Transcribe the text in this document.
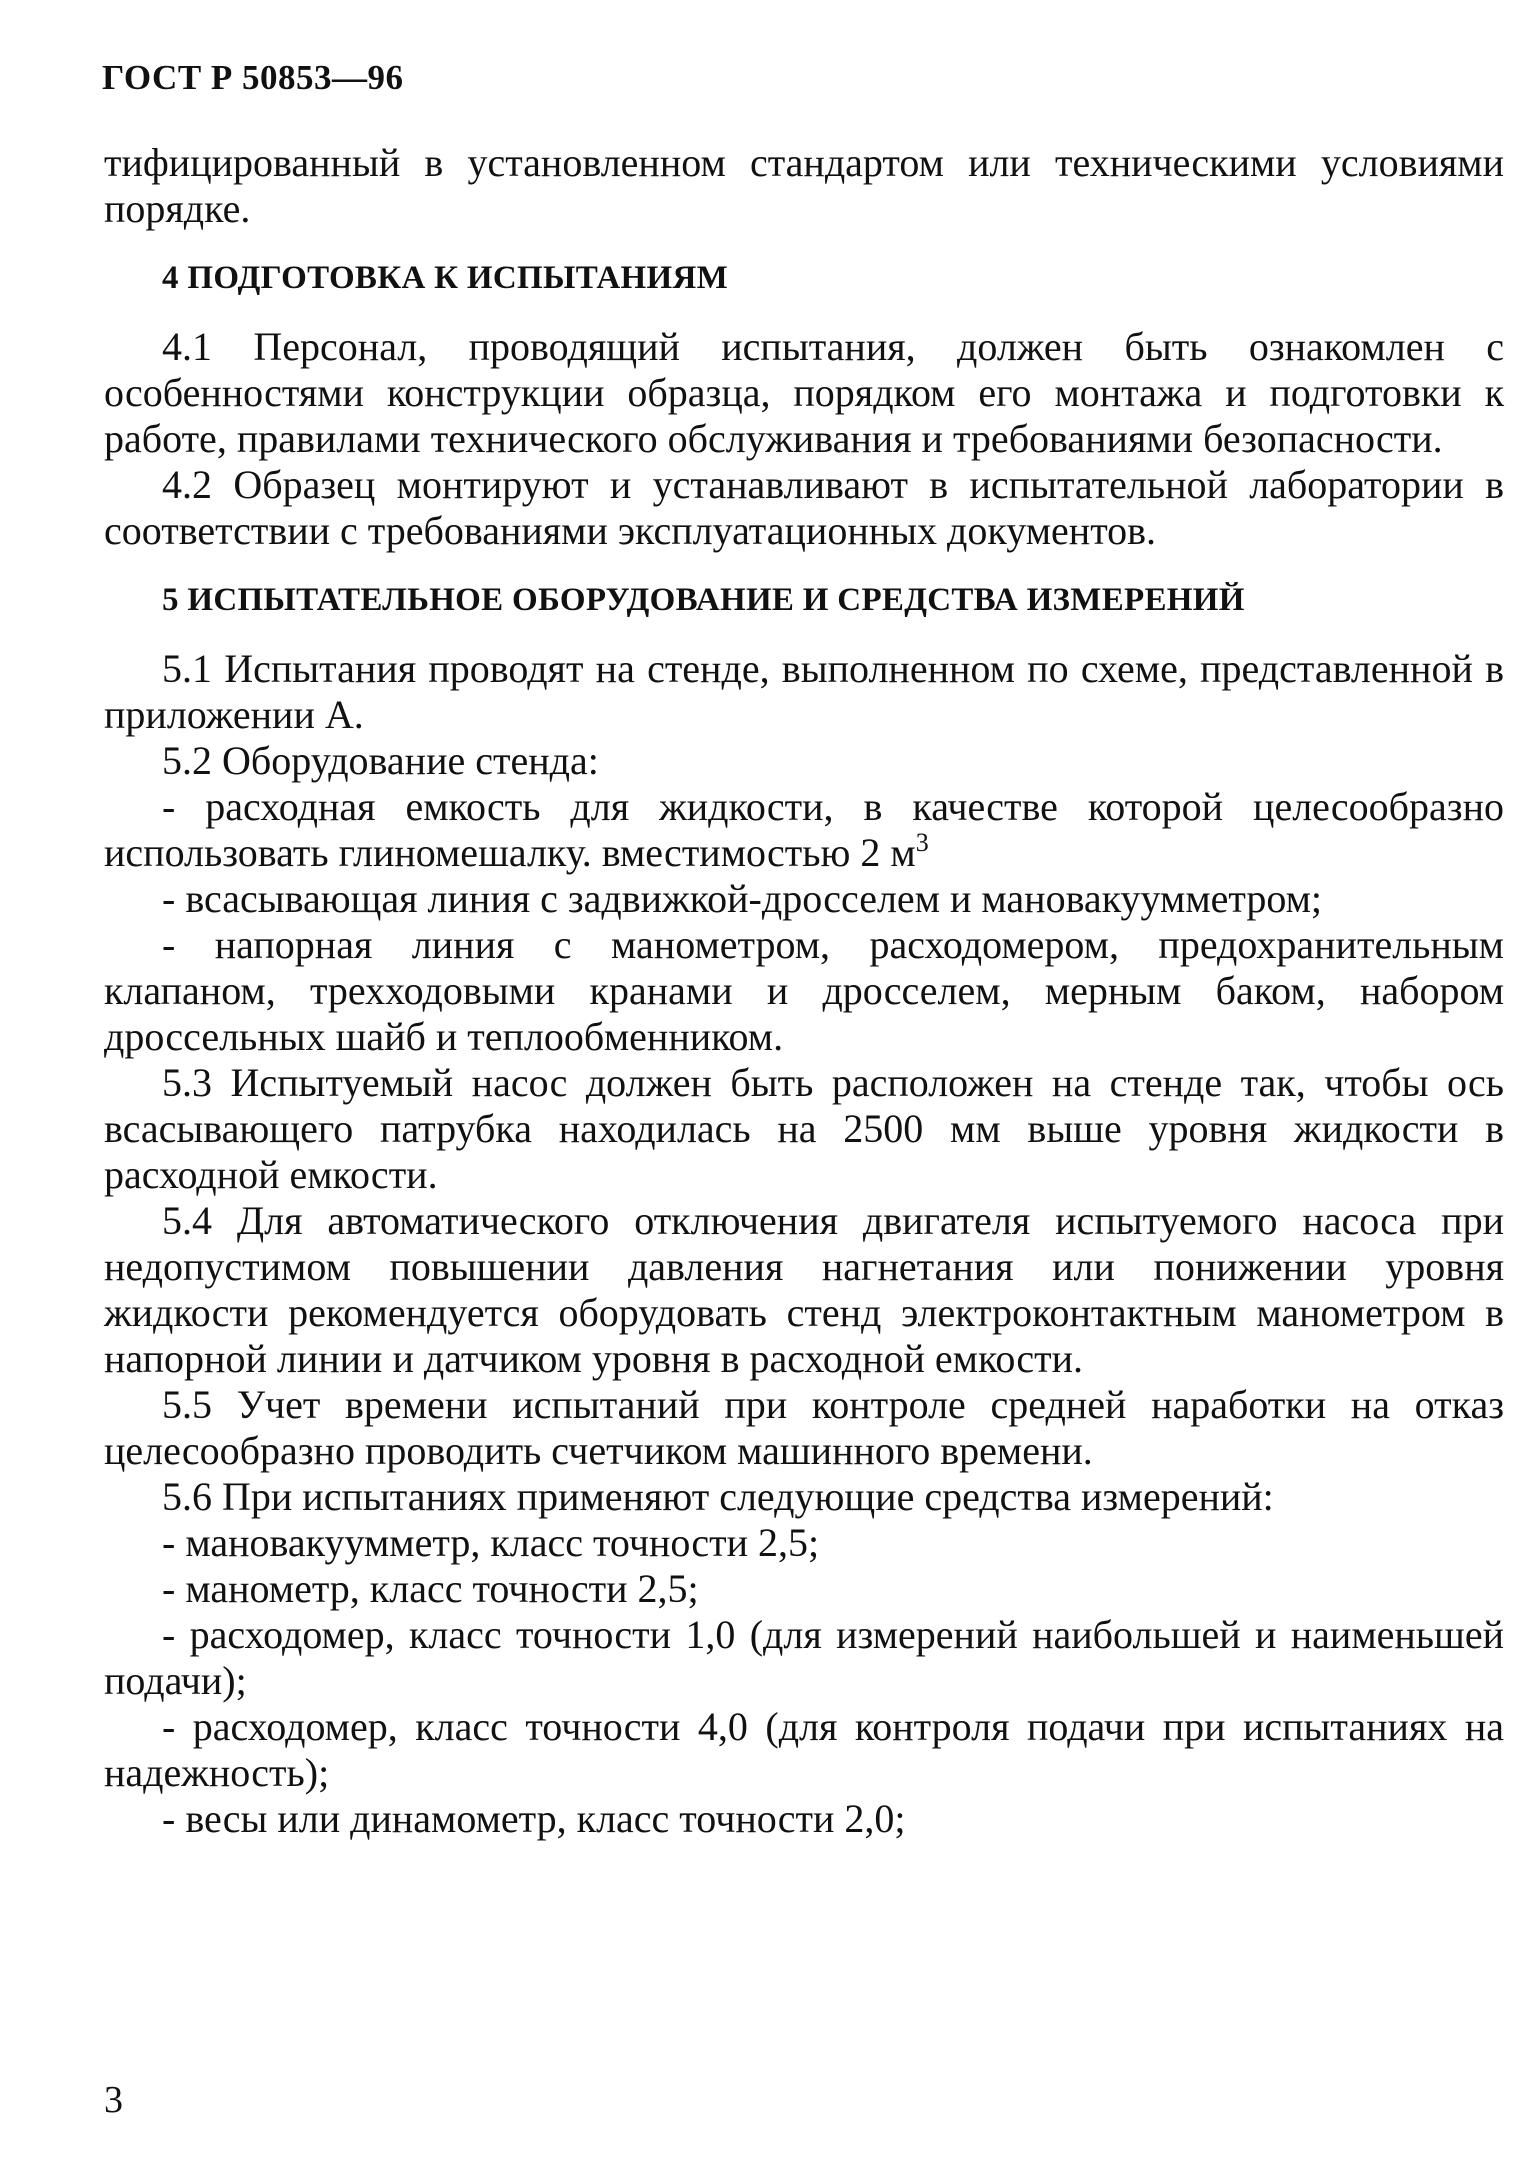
ГОСТ Р 50853—96

тифицированный в установленном стандартом или техническими условиями порядке.

4 ПОДГОТОВКА К ИСПЫТАНИЯМ

4.1 Персонал, проводящий испытания, должен быть ознакомлен с особенностями конструкции образца, порядком его монтажа и подготовки к работе, правилами технического обслуживания и требованиями безопасности.

4.2 Образец монтируют и устанавливают в испытательной лаборатории в соответствии с требованиями эксплуатационных документов.

5 ИСПЫТАТЕЛЬНОЕ ОБОРУДОВАНИЕ И СРЕДСТВА ИЗМЕРЕНИЙ

5.1 Испытания проводят на стенде, выполненном по схеме, представленной в приложении А.

5.2 Оборудование стенда:

- расходная емкость для жидкости, в качестве которой целесообразно использовать глиномешалку. вместимостью 2 $м^3$

- всасывающая линия с задвижкой-дросселем и мановакуумметром;

- напорная линия с манометром, расходомером, предохранительным клапаном, трехходовыми кранами и дросселем, мерным баком, набором дроссельных шайб и теплообменником.

5.3 Испытуемый насос должен быть расположен на стенде так, чтобы ось всасывающего патрубка находилась на 2500 мм выше уровня жидкости в расходной емкости.

5.4 Для автоматического отключения двигателя испытуемого насоса при недопустимом повышении давления нагнетания или понижении уровня жидкости рекомендуется оборудовать стенд электроконтактным манометром в напорной линии и датчиком уровня в расходной емкости.

5.5 Учет времени испытаний при контроле средней наработки на отказ целесообразно проводить счетчиком машинного времени.

5.6 При испытаниях применяют следующие средства измерений:

- мановакуумметр, класс точности 2,5;

- манометр, класс точности 2,5;

- расходомер, класс точности 1,0 (для измерений наибольшей и наименьшей подачи);

- расходомер, класс точности 4,0 (для контроля подачи при испытаниях на надежность);

- весы или динамометр, класс точности 2,0;

3
